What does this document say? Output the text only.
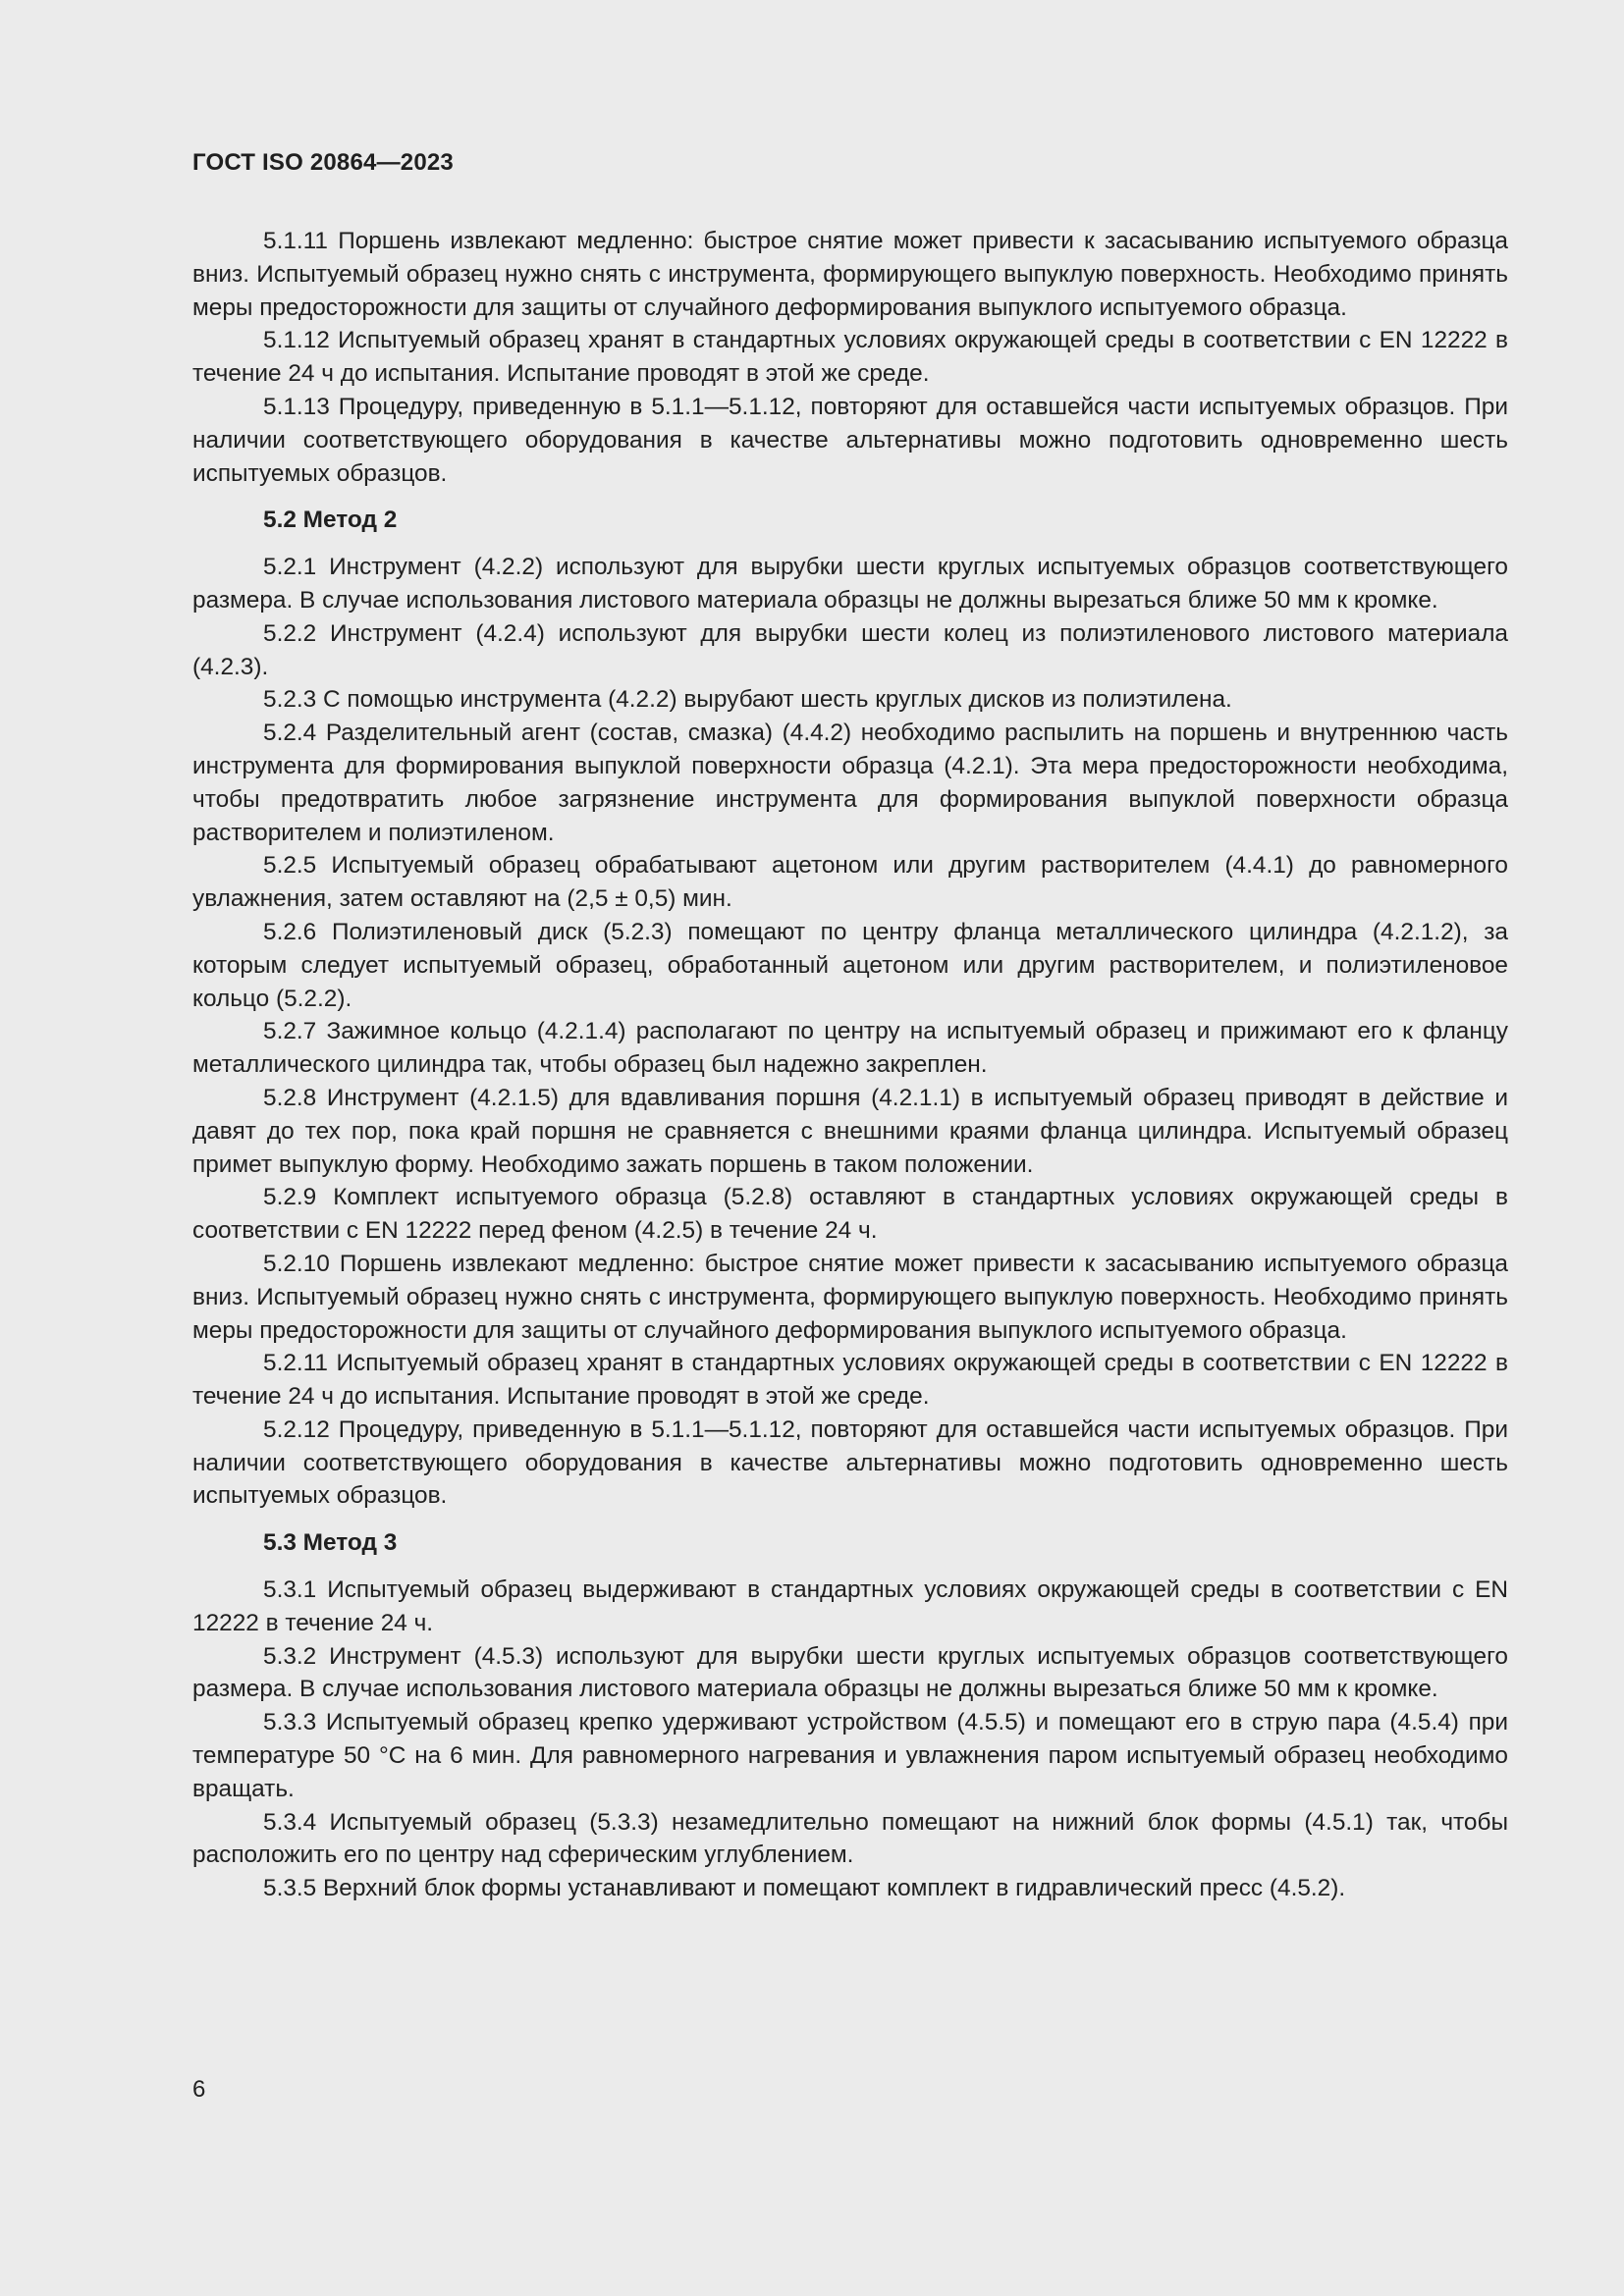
ГОСТ ISO 20864—2023

5.1.11 Поршень извлекают медленно: быстрое снятие может привести к засасыванию испытуемого образца вниз. Испытуемый образец нужно снять с инструмента, формирующего выпуклую поверхность. Необходимо принять меры предосторожности для защиты от случайного деформирования выпуклого испытуемого образца.

5.1.12 Испытуемый образец хранят в стандартных условиях окружающей среды в соответствии с EN 12222 в течение 24 ч до испытания. Испытание проводят в этой же среде.

5.1.13 Процедуру, приведенную в 5.1.1—5.1.12, повторяют для оставшейся части испытуемых образцов. При наличии соответствующего оборудования в качестве альтернативы можно подготовить одновременно шесть испытуемых образцов.

5.2 Метод 2

5.2.1 Инструмент (4.2.2) используют для вырубки шести круглых испытуемых образцов соответствующего размера. В случае использования листового материала образцы не должны вырезаться ближе 50 мм к кромке.

5.2.2 Инструмент (4.2.4) используют для вырубки шести колец из полиэтиленового листового материала (4.2.3).

5.2.3 С помощью инструмента (4.2.2) вырубают шесть круглых дисков из полиэтилена.

5.2.4 Разделительный агент (состав, смазка) (4.4.2) необходимо распылить на поршень и внутреннюю часть инструмента для формирования выпуклой поверхности образца (4.2.1). Эта мера предосторожности необходима, чтобы предотвратить любое загрязнение инструмента для формирования выпуклой поверхности образца растворителем и полиэтиленом.

5.2.5 Испытуемый образец обрабатывают ацетоном или другим растворителем (4.4.1) до равномерного увлажнения, затем оставляют на (2,5 ± 0,5) мин.

5.2.6 Полиэтиленовый диск (5.2.3) помещают по центру фланца металлического цилиндра (4.2.1.2), за которым следует испытуемый образец, обработанный ацетоном или другим растворителем, и полиэтиленовое кольцо (5.2.2).

5.2.7 Зажимное кольцо (4.2.1.4) располагают по центру на испытуемый образец и прижимают его к фланцу металлического цилиндра так, чтобы образец был надежно закреплен.

5.2.8 Инструмент (4.2.1.5) для вдавливания поршня (4.2.1.1) в испытуемый образец приводят в действие и давят до тех пор, пока край поршня не сравняется с внешними краями фланца цилиндра. Испытуемый образец примет выпуклую форму. Необходимо зажать поршень в таком положении.

5.2.9 Комплект испытуемого образца (5.2.8) оставляют в стандартных условиях окружающей среды в соответствии с EN 12222 перед феном (4.2.5) в течение 24 ч.

5.2.10 Поршень извлекают медленно: быстрое снятие может привести к засасыванию испытуемого образца вниз. Испытуемый образец нужно снять с инструмента, формирующего выпуклую поверхность. Необходимо принять меры предосторожности для защиты от случайного деформирования выпуклого испытуемого образца.

5.2.11 Испытуемый образец хранят в стандартных условиях окружающей среды в соответствии с EN 12222 в течение 24 ч до испытания. Испытание проводят в этой же среде.

5.2.12 Процедуру, приведенную в 5.1.1—5.1.12, повторяют для оставшейся части испытуемых образцов. При наличии соответствующего оборудования в качестве альтернативы можно подготовить одновременно шесть испытуемых образцов.

5.3 Метод 3

5.3.1 Испытуемый образец выдерживают в стандартных условиях окружающей среды в соответствии с EN 12222 в течение 24 ч.

5.3.2 Инструмент (4.5.3) используют для вырубки шести круглых испытуемых образцов соответствующего размера. В случае использования листового материала образцы не должны вырезаться ближе 50 мм к кромке.

5.3.3 Испытуемый образец крепко удерживают устройством (4.5.5) и помещают его в струю пара (4.5.4) при температуре 50 °С на 6 мин. Для равномерного нагревания и увлажнения паром испытуемый образец необходимо вращать.

5.3.4 Испытуемый образец (5.3.3) незамедлительно помещают на нижний блок формы (4.5.1) так, чтобы расположить его по центру над сферическим углублением.

5.3.5 Верхний блок формы устанавливают и помещают комплект в гидравлический пресс (4.5.2).

6
